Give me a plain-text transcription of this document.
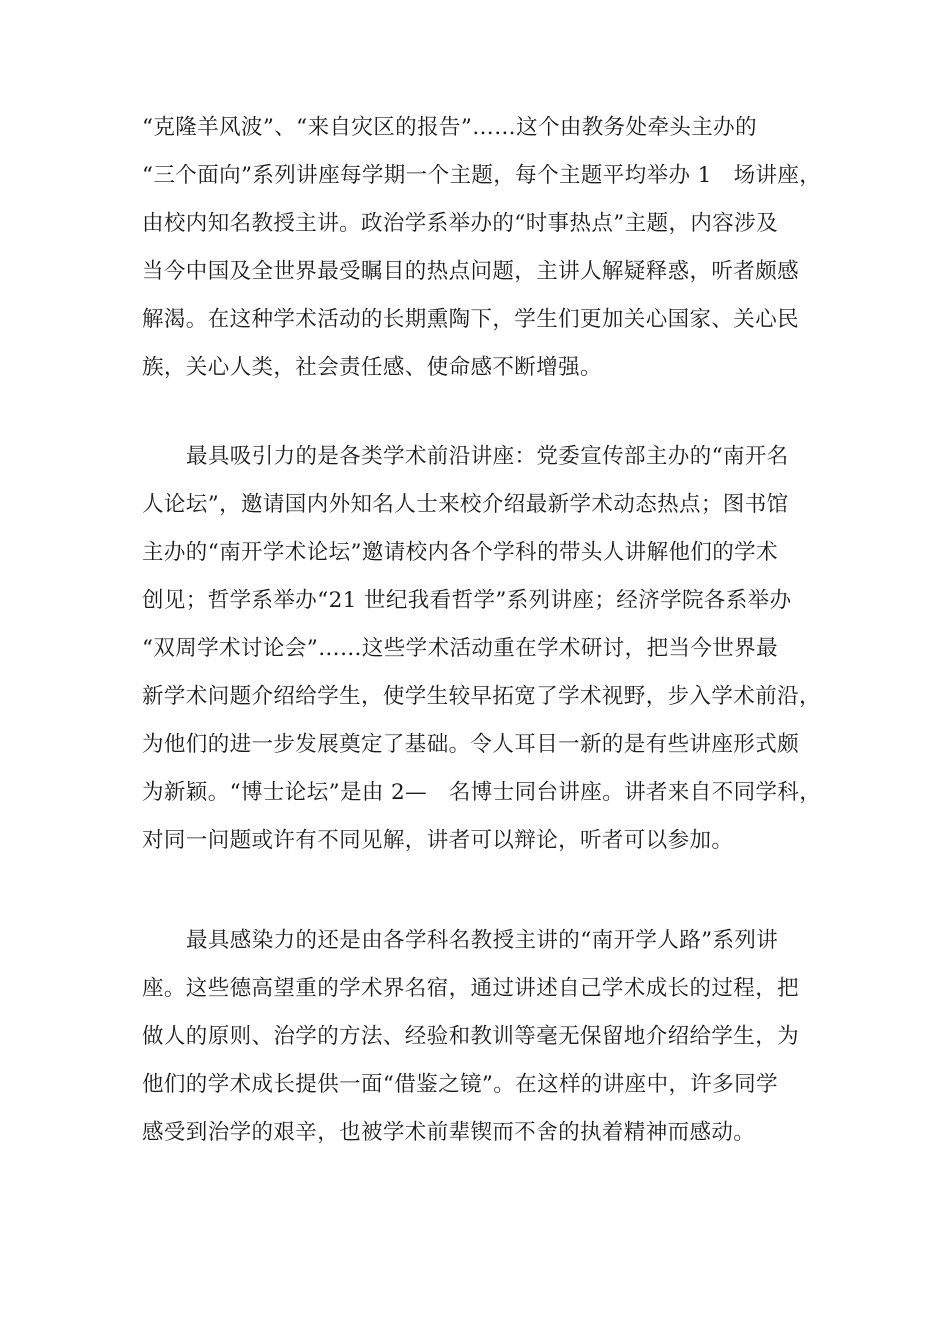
“克隆羊风波”、“来自灾区的报告”……这个由教务处牵头主办的
“三个面向”系列讲座每学期一个主题，每个主题平均举办 1　场讲座，
由校内知名教授主讲。政治学系举办的“时事热点”主题，内容涉及
当今中国及全世界最受瞩目的热点问题，主讲人解疑释惑，听者颇感
解渴。在这种学术活动的长期熏陶下，学生们更加关心国家、关心民
族，关心人类，社会责任感、使命感不断增强。
最具吸引力的是各类学术前沿讲座：党委宣传部主办的“南开名
人论坛”，邀请国内外知名人士来校介绍最新学术动态热点；图书馆
主办的“南开学术论坛”邀请校内各个学科的带头人讲解他们的学术
创见；哲学系举办“21 世纪我看哲学”系列讲座；经济学院各系举办
“双周学术讨论会”……这些学术活动重在学术研讨，把当今世界最
新学术问题介绍给学生，使学生较早拓宽了学术视野，步入学术前沿，
为他们的进一步发展奠定了基础。令人耳目一新的是有些讲座形式颇
为新颖。“博士论坛”是由 2—　名博士同台讲座。讲者来自不同学科，
对同一问题或许有不同见解，讲者可以辩论，听者可以参加。
最具感染力的还是由各学科名教授主讲的“南开学人路”系列讲
座。这些德高望重的学术界名宿，通过讲述自己学术成长的过程，把
做人的原则、治学的方法、经验和教训等毫无保留地介绍给学生，为
他们的学术成长提供一面“借鉴之镜”。在这样的讲座中，许多同学
感受到治学的艰辛，也被学术前辈锲而不舍的执着精神而感动。
